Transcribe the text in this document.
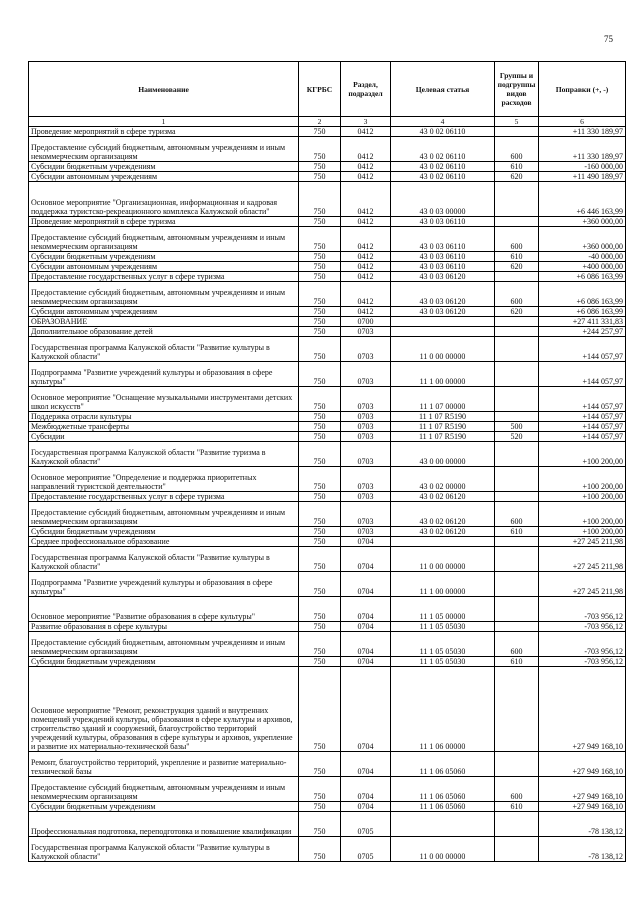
75
Наименование	КГРБС	Раздел, подраздел	Целевая статья	Группы и подгруппы видов расходов	Поправки (+, -)
1	2	3	4	5	6
Проведение мероприятий в сфере туризма	750	0412	43 0 02 06110		+11 330 189,97
Предоставление субсидий бюджетным, автономным учреждениям и иным некоммерческим организациям	750	0412	43 0 02 06110	600	+11 330 189,97
Субсидии бюджетным учреждениям	750	0412	43 0 02 06110	610	-160 000,00
Субсидии автономным учреждениям	750	0412	43 0 02 06110	620	+11 490 189,97
Основное мероприятие "Организационная, информационная и кадровая поддержка туристско-рекреационного комплекса Калужской области"	750	0412	43 0 03 00000		+6 446 163,99
Проведение мероприятий в сфере туризма	750	0412	43 0 03 06110		+360 000,00
Предоставление субсидий бюджетным, автономным учреждениям и иным некоммерческим организациям	750	0412	43 0 03 06110	600	+360 000,00
Субсидии бюджетным учреждениям	750	0412	43 0 03 06110	610	-40 000,00
Субсидии автономным учреждениям	750	0412	43 0 03 06110	620	+400 000,00
Предоставление государственных услуг в сфере туризма	750	0412	43 0 03 06120		+6 086 163,99
Предоставление субсидий бюджетным, автономным учреждениям и иным некоммерческим организациям	750	0412	43 0 03 06120	600	+6 086 163,99
Субсидии автономным учреждениям	750	0412	43 0 03 06120	620	+6 086 163,99
ОБРАЗОВАНИЕ	750	0700			+27 411 331,83
Дополнительное образование детей	750	0703			+244 257,97
Государственная программа Калужской области "Развитие культуры в Калужской области"	750	0703	11 0 00 00000		+144 057,97
Подпрограмма "Развитие учреждений культуры и образования в сфере культуры"	750	0703	11 1 00 00000		+144 057,97
Основное мероприятие "Оснащение музыкальными инструментами детских школ искусств"	750	0703	11 1 07 00000		+144 057,97
Поддержка отрасли культуры	750	0703	11 1 07 R5190		+144 057,97
Межбюджетные трансферты	750	0703	11 1 07 R5190	500	+144 057,97
Субсидии	750	0703	11 1 07 R5190	520	+144 057,97
Государственная программа Калужской области "Развитие туризма в Калужской области"	750	0703	43 0 00 00000		+100 200,00
Основное мероприятие "Определение и поддержка приоритетных направлений туристской деятельности"	750	0703	43 0 02 00000		+100 200,00
Предоставление государственных услуг в сфере туризма	750	0703	43 0 02 06120		+100 200,00
Предоставление субсидий бюджетным, автономным учреждениям и иным некоммерческим организациям	750	0703	43 0 02 06120	600	+100 200,00
Субсидии бюджетным учреждениям	750	0703	43 0 02 06120	610	+100 200,00
Среднее профессиональное образование	750	0704			+27 245 211,98
Государственная программа Калужской области "Развитие культуры в Калужской области"	750	0704	11 0 00 00000		+27 245 211,98
Подпрограмма "Развитие учреждений культуры и образования в сфере культуры"	750	0704	11 1 00 00000		+27 245 211,98
Основное мероприятие "Развитие образования в сфере культуры"	750	0704	11 1 05 00000		-703 956,12
Развитие образования в сфере культуры	750	0704	11 1 05 05030		-703 956,12
Предоставление субсидий бюджетным, автономным учреждениям и иным некоммерческим организациям	750	0704	11 1 05 05030	600	-703 956,12
Субсидии бюджетным учреждениям	750	0704	11 1 05 05030	610	-703 956,12
Основное мероприятие "Ремонт, реконструкция зданий и внутренних помещений учреждений культуры, образования в сфере культуры и архивов, строительство зданий и сооружений, благоустройство территорий учреждений культуры, образования в сфере культуры и архивов, укрепление и развитие их материально-технической базы"	750	0704	11 1 06 00000		+27 949 168,10
Ремонт, благоустройство территорий, укрепление и развитие материально-технической базы	750	0704	11 1 06 05060		+27 949 168,10
Предоставление субсидий бюджетным, автономным учреждениям и иным некоммерческим организациям	750	0704	11 1 06 05060	600	+27 949 168,10
Субсидии бюджетным учреждениям	750	0704	11 1 06 05060	610	+27 949 168,10
Профессиональная подготовка, переподготовка и повышение квалификации	750	0705			-78 138,12
Государственная программа Калужской области "Развитие культуры в Калужской области"	750	0705	11 0 00 00000		-78 138,12
